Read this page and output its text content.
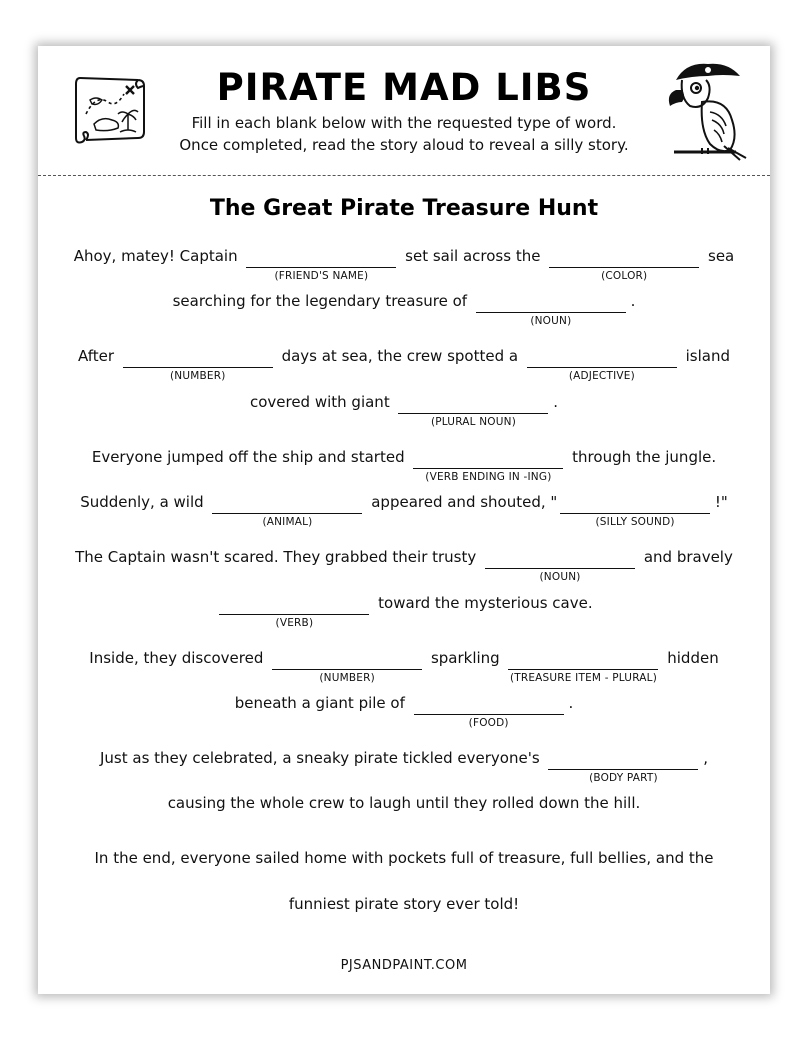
PIRATE MAD LIBS
Fill in each blank below with the requested type of word.
Once completed, read the story aloud to reveal a silly story.
The Great Pirate Treasure Hunt
Ahoy, matey! Captain
(FRIEND'S NAME)
set sail across the
(COLOR)
sea
searching for the legendary treasure of
(NOUN)
.
After
(NUMBER)
days at sea, the crew spotted a
(ADJECTIVE)
island
covered with giant
(PLURAL NOUN)
.
Everyone jumped off the ship and started
(VERB ENDING IN -ING)
through the jungle.
Suddenly, a wild
(ANIMAL)
appeared and shouted, "
(SILLY SOUND)
!"
The Captain wasn't scared. They grabbed their trusty
(NOUN)
and bravely
(VERB)
toward the mysterious cave.
Inside, they discovered
(NUMBER)
sparkling
(TREASURE ITEM - PLURAL)
hidden
beneath a giant pile of
(FOOD)
.
Just as they celebrated, a sneaky pirate tickled everyone's
(BODY PART)
,
causing the whole crew to laugh until they rolled down the hill.
In the end, everyone sailed home with pockets full of treasure, full bellies, and the
funniest pirate story ever told!
PJSANDPAINT.COM
